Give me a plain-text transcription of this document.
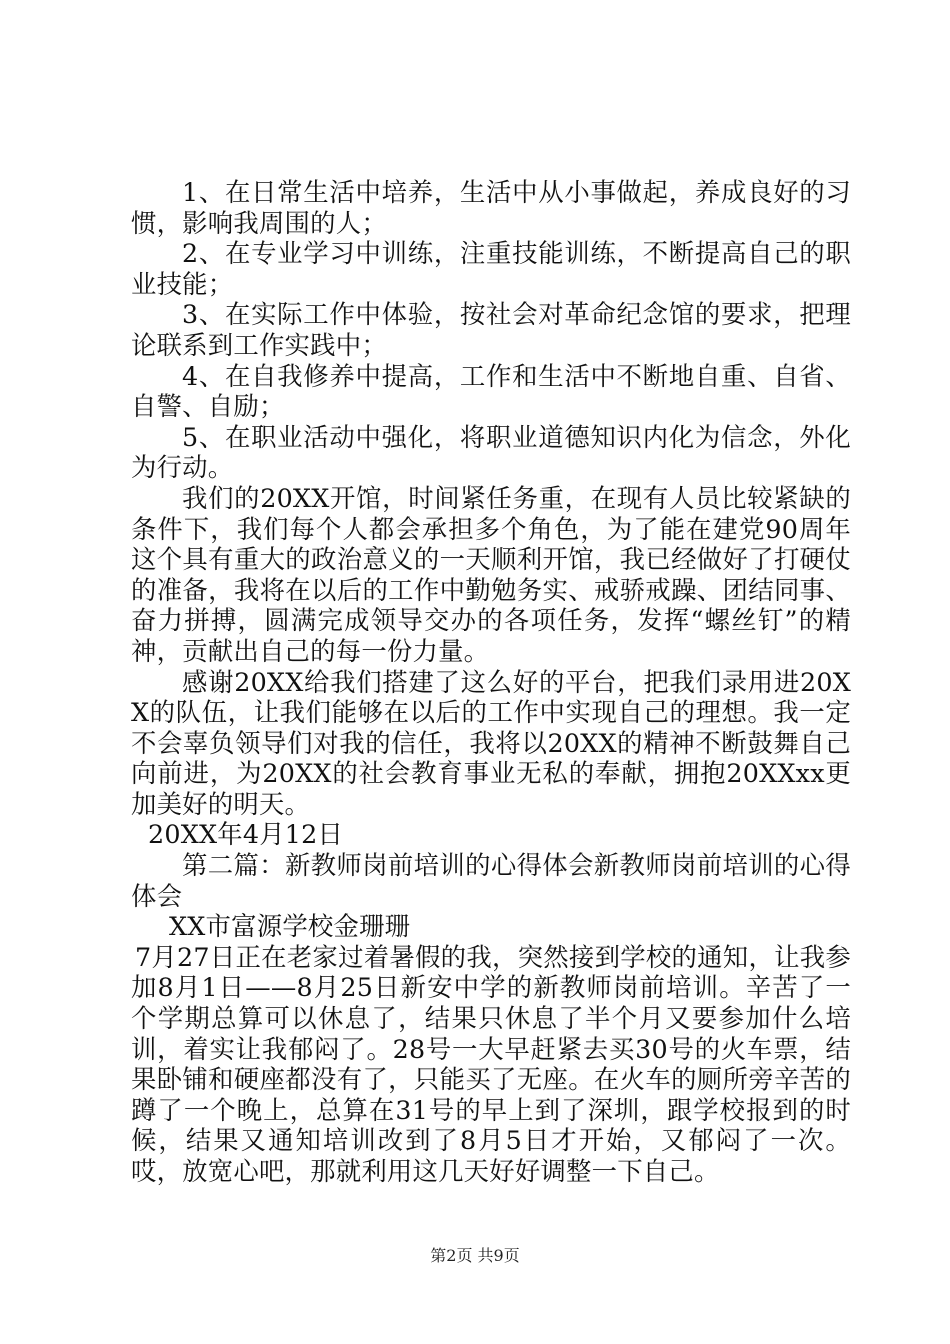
1、在日常生活中培养，生活中从小事做起，养成良好的习惯，影响我周围的人；

2、在专业学习中训练，注重技能训练，不断提高自己的职业技能；

3、在实际工作中体验，按社会对革命纪念馆的要求，把理论联系到工作实践中；

4、在自我修养中提高，工作和生活中不断地自重、自省、自警、自励；

5、在职业活动中强化，将职业道德知识内化为信念，外化为行动。

我们的20XX开馆，时间紧任务重，在现有人员比较紧缺的条件下，我们每个人都会承担多个角色，为了能在建党90周年这个具有重大的政治意义的一天顺利开馆，我已经做好了打硬仗的准备，我将在以后的工作中勤勉务实、戒骄戒躁、团结同事、奋力拼搏，圆满完成领导交办的各项任务，发挥“螺丝钉”的精神，贡献出自己的每一份力量。

感谢20XX给我们搭建了这么好的平台，把我们录用进20XX的队伍，让我们能够在以后的工作中实现自己的理想。我一定不会辜负领导们对我的信任，我将以20XX的精神不断鼓舞自己向前进，为20XX的社会教育事业无私的奉献，拥抱20XXxx更加美好的明天。

20XX年4月12日

第二篇：新教师岗前培训的心得体会新教师岗前培训的心得体会

XX市富源学校金珊珊

7月27日正在老家过着暑假的我，突然接到学校的通知，让我参加8月1日——8月25日新安中学的新教师岗前培训。辛苦了一个学期总算可以休息了，结果只休息了半个月又要参加什么培训，着实让我郁闷了。28号一大早赶紧去买30号的火车票，结果卧铺和硬座都没有了，只能买了无座。在火车的厕所旁辛苦的蹲了一个晚上，总算在31号的早上到了深圳，跟学校报到的时候，结果又通知培训改到了8月5日才开始，又郁闷了一次。哎，放宽心吧，那就利用这几天好好调整一下自己。

第2页 共9页
